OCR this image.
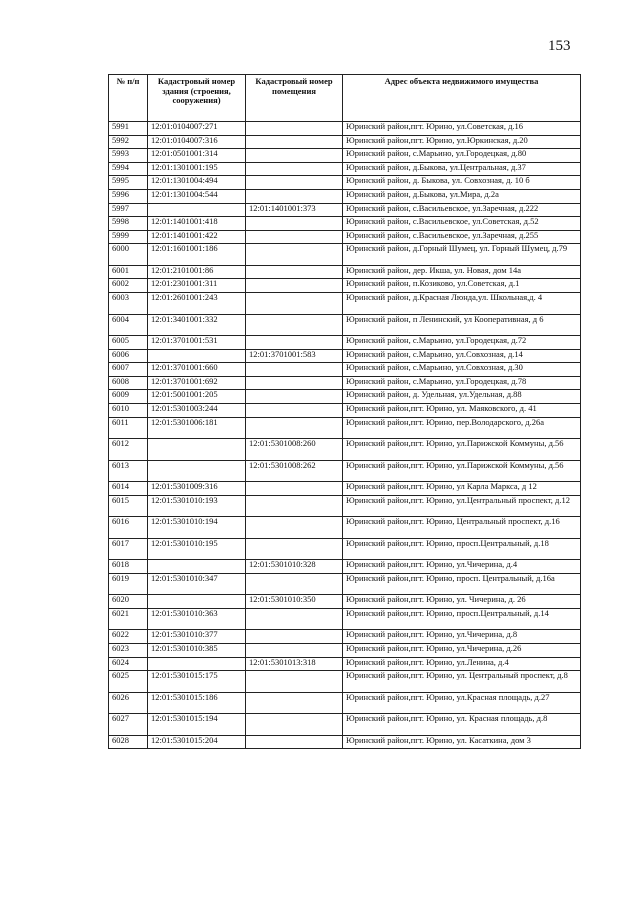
153
№ п/п	Кадастровый номер здания (строения, сооружения)	Кадастровый номер помещения	Адрес объекта недвижимого имущества
5991	12:01:0104007:271		Юринский район,пгт. Юрино, ул.Советская, д.16
5992	12:01:0104007:316		Юринский район,пгт. Юрино, ул.Юркинская, д.20
5993	12:01:0501001:314		Юринский район, с.Марьино, ул.Городецкая, д.80
5994	12:01:1301001:195		Юринский район, д.Быкова, ул.Центральная, д.37
5995	12:01:1301004:494		Юринский район, д. Быкова, ул. Совхозная, д. 10 б
5996	12:01:1301004:544		Юринский район, д.Быкова, ул.Мира, д.2а
5997		12:01:1401001:373	Юринский район, с.Васильевское, ул.Заречная, д.222
5998	12:01:1401001:418		Юринский район, с.Васильевское, ул.Советская, д.52
5999	12:01:1401001:422		Юринский район, с.Васильевское, ул.Заречная, д.255
6000	12:01:1601001:186		Юринский район, д.Горный Шумец, ул. Горный Шумец, д.79
6001	12:01:2101001:86		Юринский район, дер. Икша, ул. Новая, дом 14а
6002	12:01:2301001:311		Юринский район, п.Козиково, ул.Советская, д.1
6003	12:01:2601001:243		Юринский район, д.Красная Люнда,ул. Школьная,д. 4
6004	12:01:3401001:332		Юринский район, п Ленинский, ул Кооперативная, д 6
6005	12:01:3701001:531		Юринский район, с.Марьино, ул.Городецкая, д.72
6006		12:01:3701001:583	Юринский район, с.Марьино, ул.Совхозная, д.14
6007	12:01:3701001:660		Юринский район, с.Марьино, ул.Совхозная, д.30
6008	12:01:3701001:692		Юринский район, с.Марьино, ул.Городецкая, д.78
6009	12:01:5001001:205		Юринский район, д. Удельная, ул.Удельная, д.88
6010	12:01:5301003:244		Юринский район,пгт. Юрино, ул. Маяковского, д. 41
6011	12:01:5301006:181		Юринский район,пгт. Юрино, пер.Володарского, д.26а
6012		12:01:5301008:260	Юринский район,пгт. Юрино, ул.Парижской Коммуны, д.56
6013		12:01:5301008:262	Юринский район,пгт. Юрино, ул.Парижской Коммуны, д.56
6014	12:01:5301009:316		Юринский район,пгт. Юрино, ул Карла Маркса, д 12
6015	12:01:5301010:193		Юринский район,пгт. Юрино, ул.Центральный проспект, д.12
6016	12:01:5301010:194		Юринский район,пгт. Юрино, Центральный проспект, д.16
6017	12:01:5301010:195		Юринский район,пгт. Юрино, просп.Центральный, д.18
6018		12:01:5301010:328	Юринский район,пгт. Юрино, ул.Чичерина, д.4
6019	12:01:5301010:347		Юринский район,пгт. Юрино, просп. Центральный, д.16а
6020		12:01:5301010:350	Юринский район,пгт. Юрино, ул. Чичерина, д. 26
6021	12:01:5301010:363		Юринский район,пгт. Юрино, просп.Центральный, д.14
6022	12:01:5301010:377		Юринский район,пгт. Юрино, ул.Чичерина, д.8
6023	12:01:5301010:385		Юринский район,пгт. Юрино, ул.Чичерина, д.26
6024		12:01:5301013:318	Юринский район,пгт. Юрино, ул.Ленина, д.4
6025	12:01:5301015:175		Юринский район,пгт. Юрино, ул. Центральный проспект, д.8
6026	12:01:5301015:186		Юринский район,пгт. Юрино, ул.Красная площадь, д.27
6027	12:01:5301015:194		Юринский район,пгт. Юрино, ул. Красная площадь, д.8
6028	12:01:5301015:204		Юринский район,пгт. Юрино, ул. Касаткина, дом 3
